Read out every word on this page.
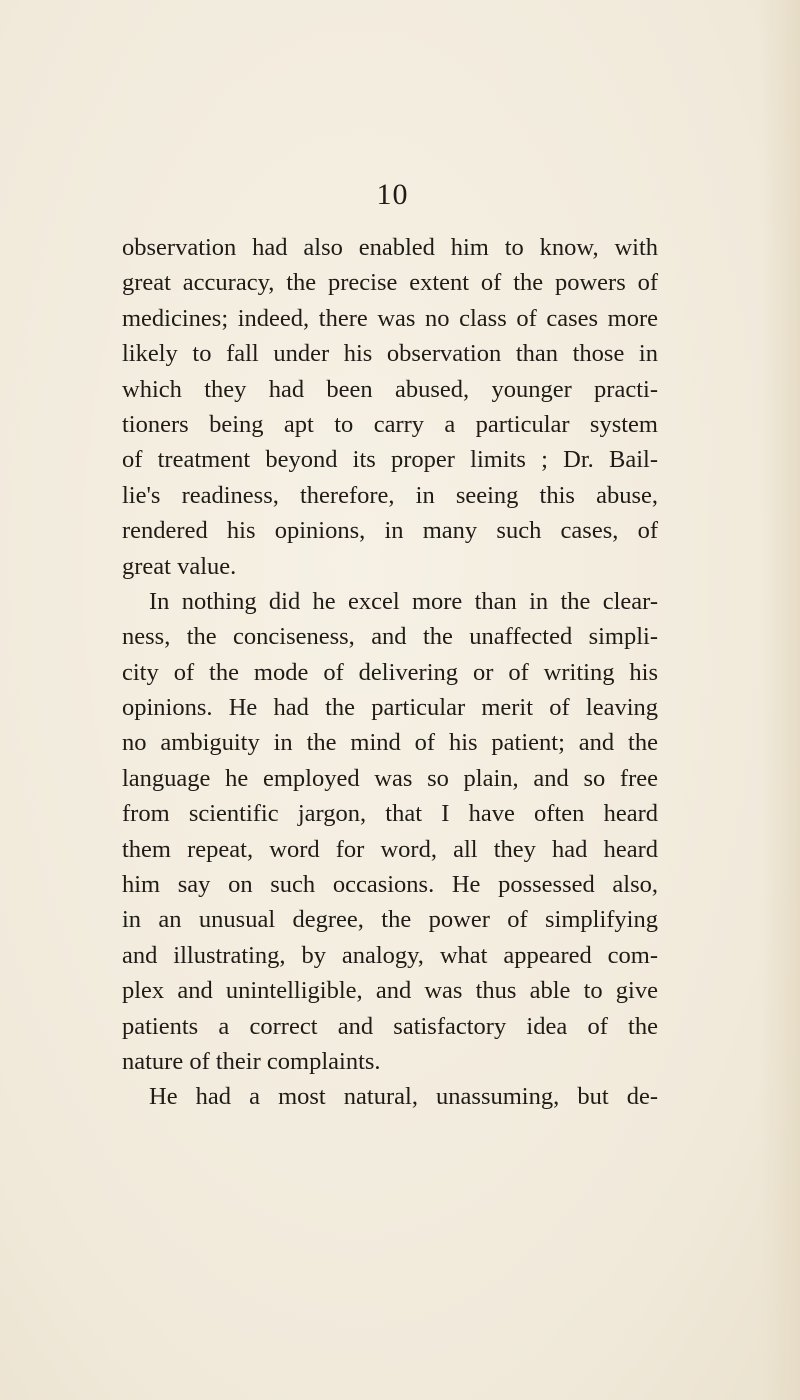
10
observation had also enabled him to know, with
great accuracy, the precise extent of the powers of
medicines; indeed, there was no class of cases more
likely to fall under his observation than those in
which they had been abused, younger practi-
tioners being apt to carry a particular system
of treatment beyond its proper limits ; Dr. Bail-
lie's readiness, therefore, in seeing this abuse,
rendered his opinions, in many such cases, of
great value.
In nothing did he excel more than in the clear-
ness, the conciseness, and the unaffected simpli-
city of the mode of delivering or of writing his
opinions. He had the particular merit of leaving
no ambiguity in the mind of his patient; and the
language he employed was so plain, and so free
from scientific jargon, that I have often heard
them repeat, word for word, all they had heard
him say on such occasions. He possessed also,
in an unusual degree, the power of simplifying
and illustrating, by analogy, what appeared com-
plex and unintelligible, and was thus able to give
patients a correct and satisfactory idea of the
nature of their complaints.
He had a most natural, unassuming, but de-
